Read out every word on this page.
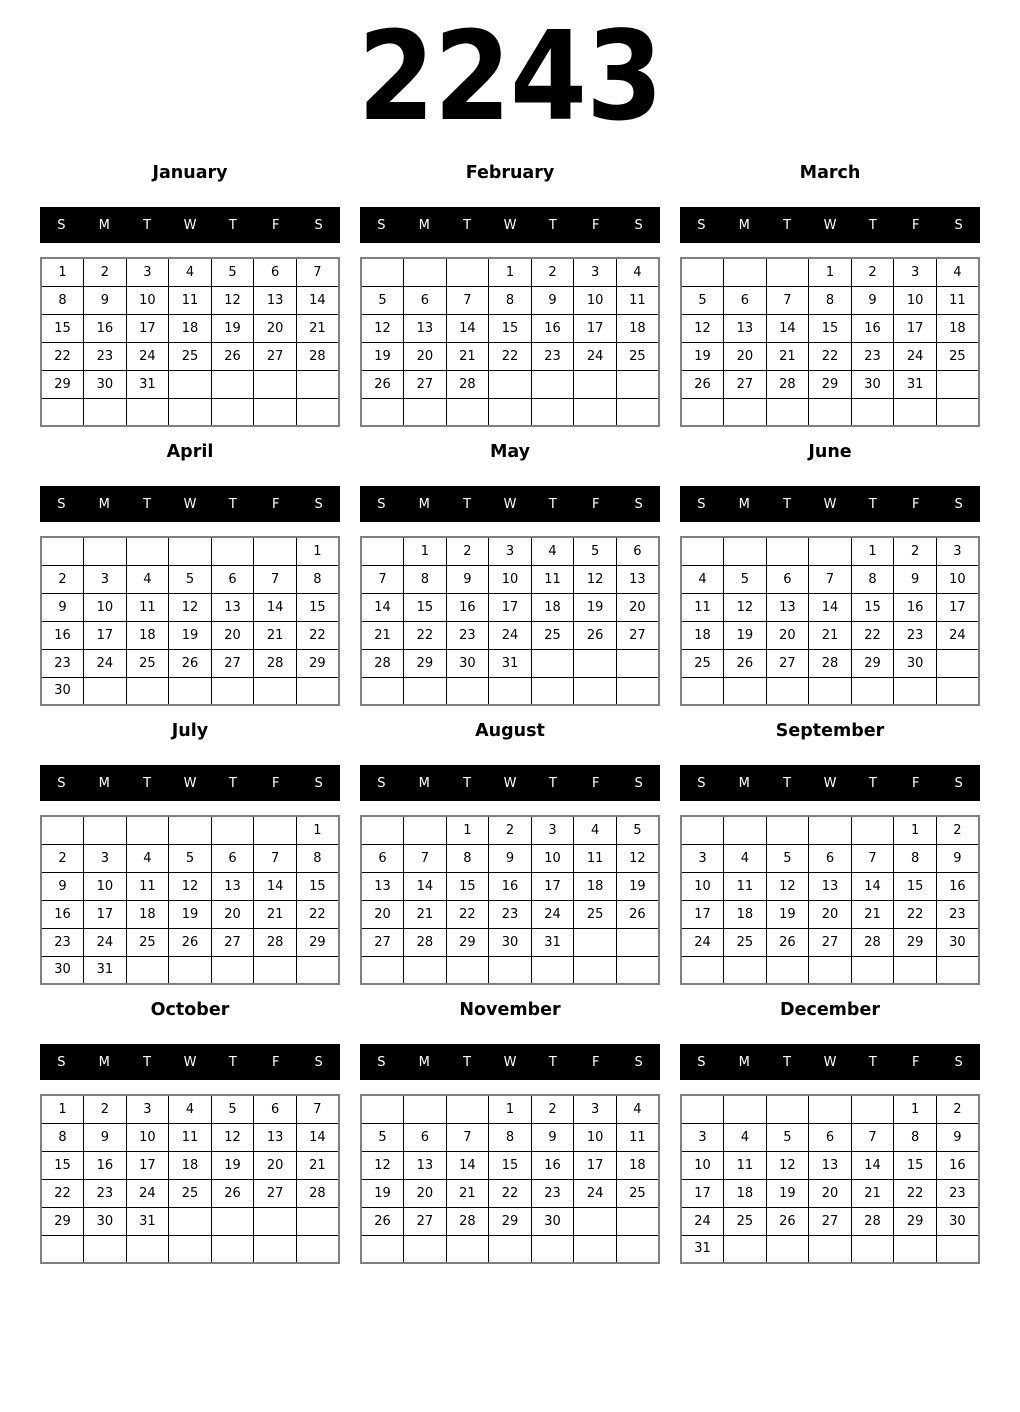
2243
January
S	M	T	W	T	F	S
1	2	3	4	5	6	7
8	9	10	11	12	13	14
15	16	17	18	19	20	21
22	23	24	25	26	27	28
29	30	31				

February
S	M	T	W	T	F	S
			1	2	3	4
5	6	7	8	9	10	11
12	13	14	15	16	17	18
19	20	21	22	23	24	25
26	27	28				

March
S	M	T	W	T	F	S
			1	2	3	4
5	6	7	8	9	10	11
12	13	14	15	16	17	18
19	20	21	22	23	24	25
26	27	28	29	30	31	

April
S	M	T	W	T	F	S
						1
2	3	4	5	6	7	8
9	10	11	12	13	14	15
16	17	18	19	20	21	22
23	24	25	26	27	28	29
30						
May
S	M	T	W	T	F	S
	1	2	3	4	5	6
7	8	9	10	11	12	13
14	15	16	17	18	19	20
21	22	23	24	25	26	27
28	29	30	31			

June
S	M	T	W	T	F	S
				1	2	3
4	5	6	7	8	9	10
11	12	13	14	15	16	17
18	19	20	21	22	23	24
25	26	27	28	29	30	

July
S	M	T	W	T	F	S
						1
2	3	4	5	6	7	8
9	10	11	12	13	14	15
16	17	18	19	20	21	22
23	24	25	26	27	28	29
30	31					
August
S	M	T	W	T	F	S
		1	2	3	4	5
6	7	8	9	10	11	12
13	14	15	16	17	18	19
20	21	22	23	24	25	26
27	28	29	30	31		

September
S	M	T	W	T	F	S
					1	2
3	4	5	6	7	8	9
10	11	12	13	14	15	16
17	18	19	20	21	22	23
24	25	26	27	28	29	30

October
S	M	T	W	T	F	S
1	2	3	4	5	6	7
8	9	10	11	12	13	14
15	16	17	18	19	20	21
22	23	24	25	26	27	28
29	30	31				

November
S	M	T	W	T	F	S
			1	2	3	4
5	6	7	8	9	10	11
12	13	14	15	16	17	18
19	20	21	22	23	24	25
26	27	28	29	30		

December
S	M	T	W	T	F	S
					1	2
3	4	5	6	7	8	9
10	11	12	13	14	15	16
17	18	19	20	21	22	23
24	25	26	27	28	29	30
31						
